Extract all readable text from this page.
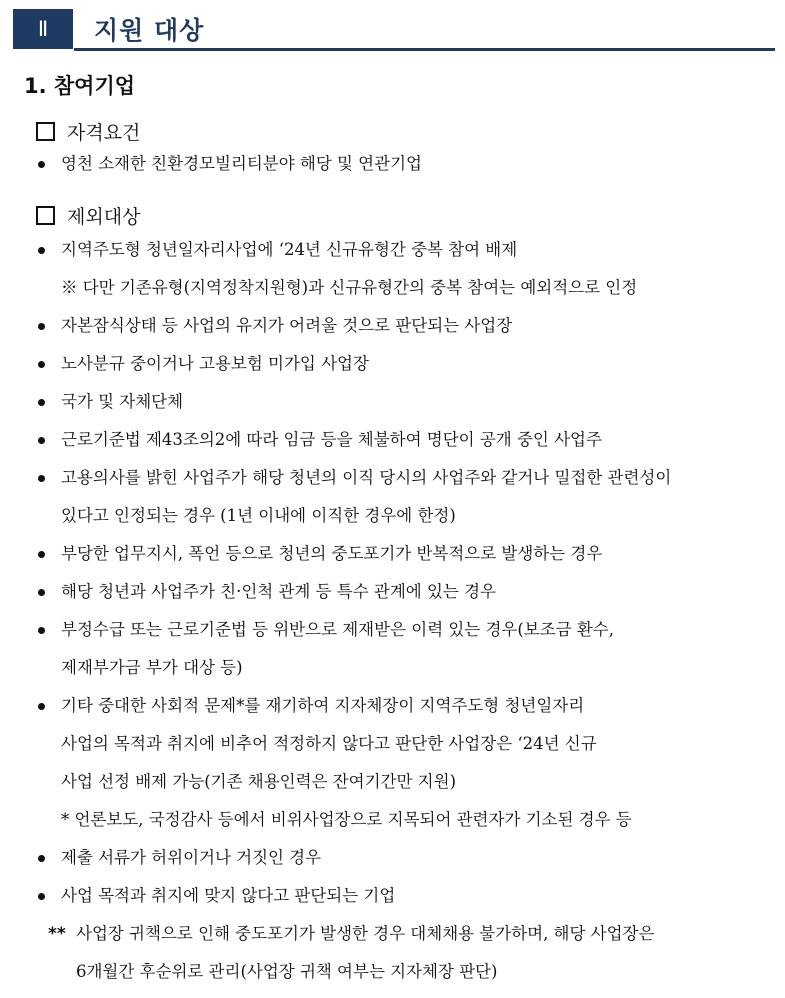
Ⅱ	지원 대상
1. 참여기업
자격요건
영천 소재한 친환경모빌리티분야 해당 및 연관기업
제외대상
지역주도형 청년일자리사업에 ‘24년 신규유형간 중복 참여 배제
※ 다만 기존유형(지역정착지원형)과 신규유형간의 중복 참여는 예외적으로 인정
자본잠식상태 등 사업의 유지가 어려울 것으로 판단되는 사업장
노사분규 중이거나 고용보험 미가입 사업장
국가 및 자체단체
근로기준법 제43조의2에 따라 임금 등을 체불하여 명단이 공개 중인 사업주
고용의사를 밝힌 사업주가 해당 청년의 이직 당시의 사업주와 같거나 밀접한 관련성이
있다고 인정되는 경우 (1년 이내에 이직한 경우에 한정)
부당한 업무지시, 폭언 등으로 청년의 중도포기가 반복적으로 발생하는 경우
해당 청년과 사업주가 친·인척 관계 등 특수 관계에 있는 경우
부정수급 또는 근로기준법 등 위반으로 제재받은 이력 있는 경우(보조금 환수,
제재부가금 부가 대상 등)
기타 중대한 사회적 문제*를 재기하여 지자체장이 지역주도형 청년일자리
사업의 목적과 취지에 비추어 적정하지 않다고 판단한 사업장은 ‘24년 신규
사업 선정 배제 가능(기존 채용인력은 잔여기간만 지원)
* 언론보도, 국정감사 등에서 비위사업장으로 지목되어 관련자가 기소된 경우 등
제출 서류가 허위이거나 거짓인 경우
사업 목적과 취지에 맞지 않다고 판단되는 기업
** 사업장 귀책으로 인해 중도포기가 발생한 경우 대체채용 불가하며, 해당 사업장은
6개월간 후순위로 관리(사업장 귀책 여부는 지자체장 판단)
